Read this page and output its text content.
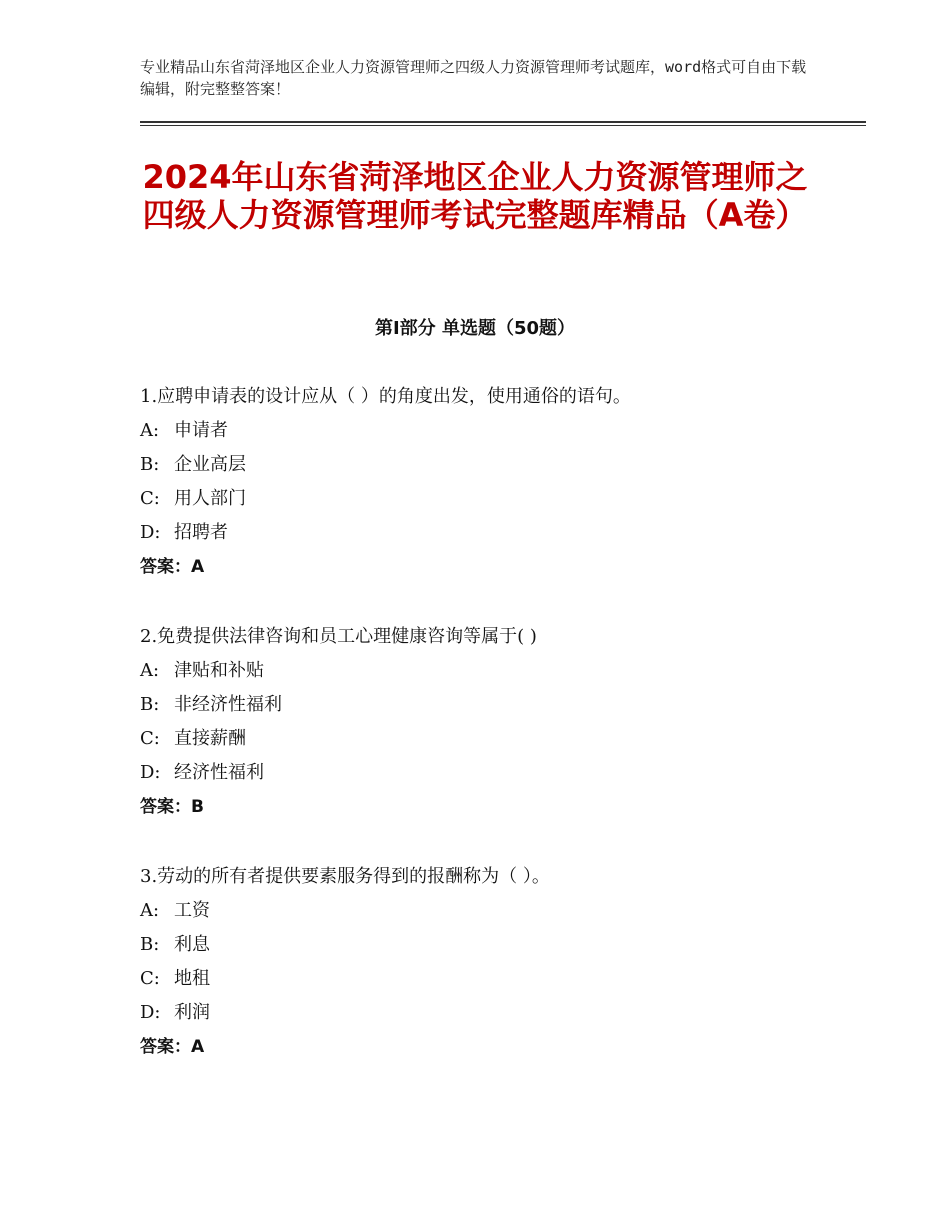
专业精品山东省菏泽地区企业人力资源管理师之四级人力资源管理师考试题库，word格式可自由下载编辑，附完整整答案！
2024年山东省菏泽地区企业人力资源管理师之四级人力资源管理师考试完整题库精品（A卷）
第Ⅰ部分 单选题（50题）
1.应聘申请表的设计应从（ ）的角度出发，使用通俗的语句。
A: 申请者
B: 企业高层
C: 用人部门
D: 招聘者
答案：A
2.免费提供法律咨询和员工心理健康咨询等属于( )
A: 津贴和补贴
B: 非经济性福利
C: 直接薪酬
D: 经济性福利
答案：B
3.劳动的所有者提供要素服务得到的报酬称为（ ）。
A: 工资
B: 利息
C: 地租
D: 利润
答案：A
